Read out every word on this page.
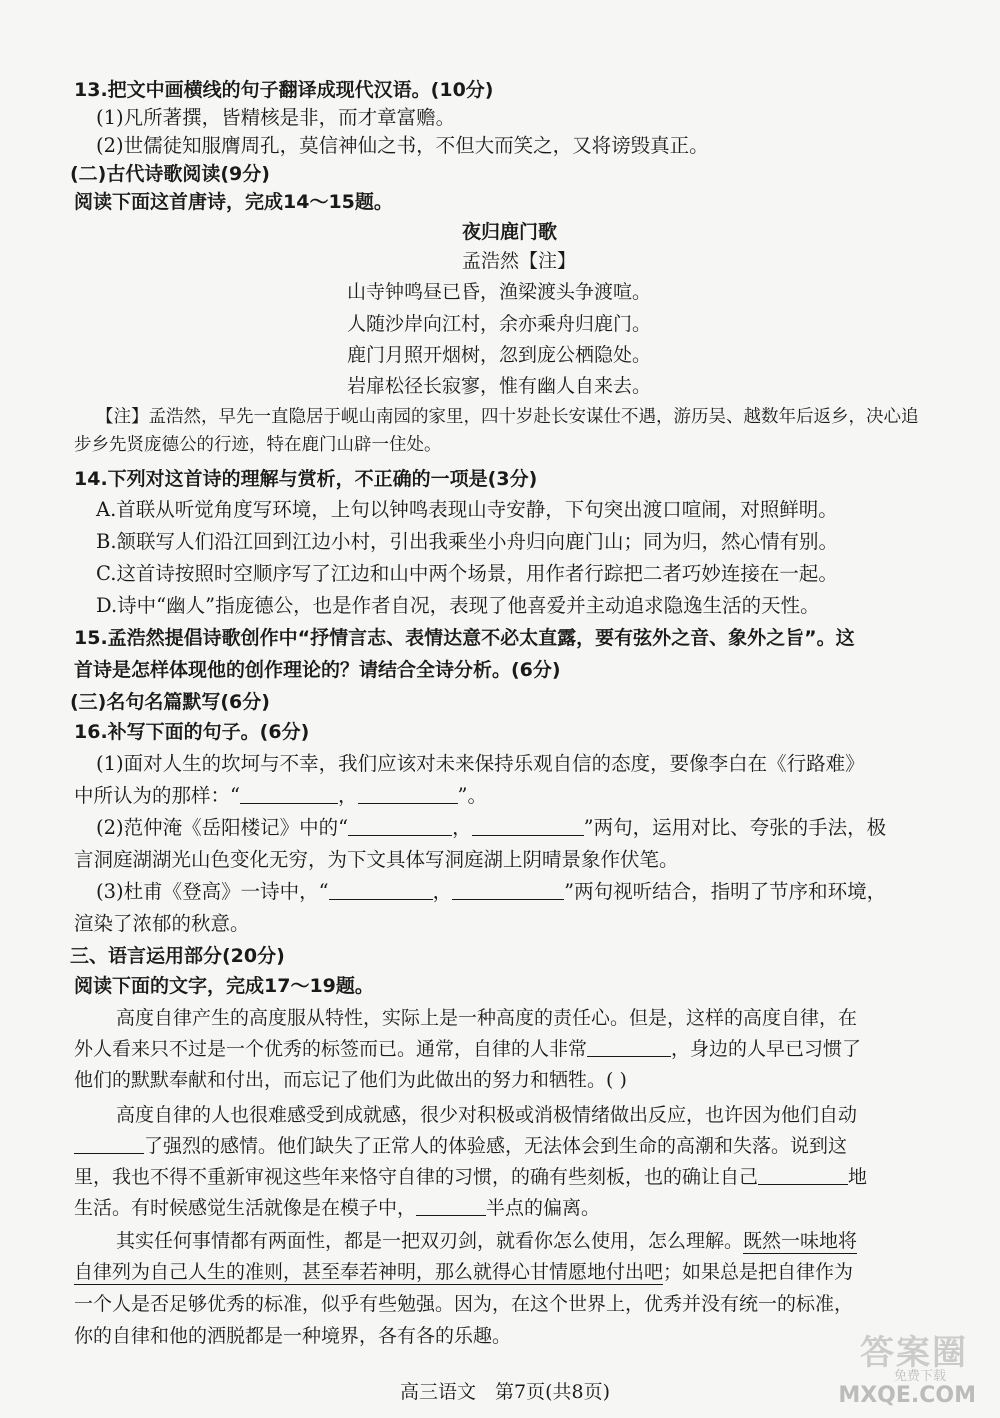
13.把文中画横线的句子翻译成现代汉语。(10分)
(1)凡所著撰，皆精核是非，而才章富赡。
(2)世儒徒知服膺周孔，莫信神仙之书，不但大而笑之，又将谤毁真正。
(二)古代诗歌阅读(9分)
阅读下面这首唐诗，完成14～15题。
夜归鹿门歌
孟浩然【注】
山寺钟鸣昼已昏，渔梁渡头争渡喧。
人随沙岸向江村，余亦乘舟归鹿门。
鹿门月照开烟树，忽到庞公栖隐处。
岩扉松径长寂寥，惟有幽人自来去。
【注】孟浩然，早先一直隐居于岘山南园的家里，四十岁赴长安谋仕不遇，游历吴、越数年后返乡，决心追
步乡先贤庞德公的行迹，特在鹿门山辟一住处。
14.下列对这首诗的理解与赏析，不正确的一项是(3分)
A.首联从听觉角度写环境，上句以钟鸣表现山寺安静，下句突出渡口喧闹，对照鲜明。
B.颔联写人们沿江回到江边小村，引出我乘坐小舟归向鹿门山；同为归，然心情有别。
C.这首诗按照时空顺序写了江边和山中两个场景，用作者行踪把二者巧妙连接在一起。
D.诗中“幽人”指庞德公，也是作者自况，表现了他喜爱并主动追求隐逸生活的天性。
15.孟浩然提倡诗歌创作中“抒情言志、表情达意不必太直露，要有弦外之音、象外之旨”。这
首诗是怎样体现他的创作理论的？请结合全诗分析。(6分)
(三)名句名篇默写(6分)
16.补写下面的句子。(6分)
(1)面对人生的坎坷与不幸，我们应该对未来保持乐观自信的态度，要像李白在《行路难》
中所认为的那样：“	，	”。
(2)范仲淹《岳阳楼记》中的“	，	”两句，运用对比、夸张的手法，极
言洞庭湖湖光山色变化无穷，为下文具体写洞庭湖上阴晴景象作伏笔。
(3)杜甫《登高》一诗中，“	，	”两句视听结合，指明了节序和环境，
渲染了浓郁的秋意。
三、语言运用部分(20分)
阅读下面的文字，完成17～19题。
高度自律产生的高度服从特性，实际上是一种高度的责任心。但是，这样的高度自律，在
外人看来只不过是一个优秀的标签而已。通常，自律的人非常	，身边的人早已习惯了
他们的默默奉献和付出，而忘记了他们为此做出的努力和牺牲。( )
高度自律的人也很难感受到成就感，很少对积极或消极情绪做出反应，也许因为他们自动
了强烈的感情。他们缺失了正常人的体验感，无法体会到生命的高潮和失落。说到这
里，我也不得不重新审视这些年来恪守自律的习惯，的确有些刻板，也的确让自己	地
生活。有时候感觉生活就像是在模子中，	半点的偏离。
其实任何事情都有两面性，都是一把双刃剑，就看你怎么使用，怎么理解。既然一味地将
自律列为自己人生的准则，甚至奉若神明，那么就得心甘情愿地付出吧；如果总是把自律作为
一个人是否足够优秀的标准，似乎有些勉强。因为，在这个世界上，优秀并没有统一的标准，
你的自律和他的洒脱都是一种境界，各有各的乐趣。
高三语文　第7页(共8页)
答案圈
免费下载
MXQE.COM
